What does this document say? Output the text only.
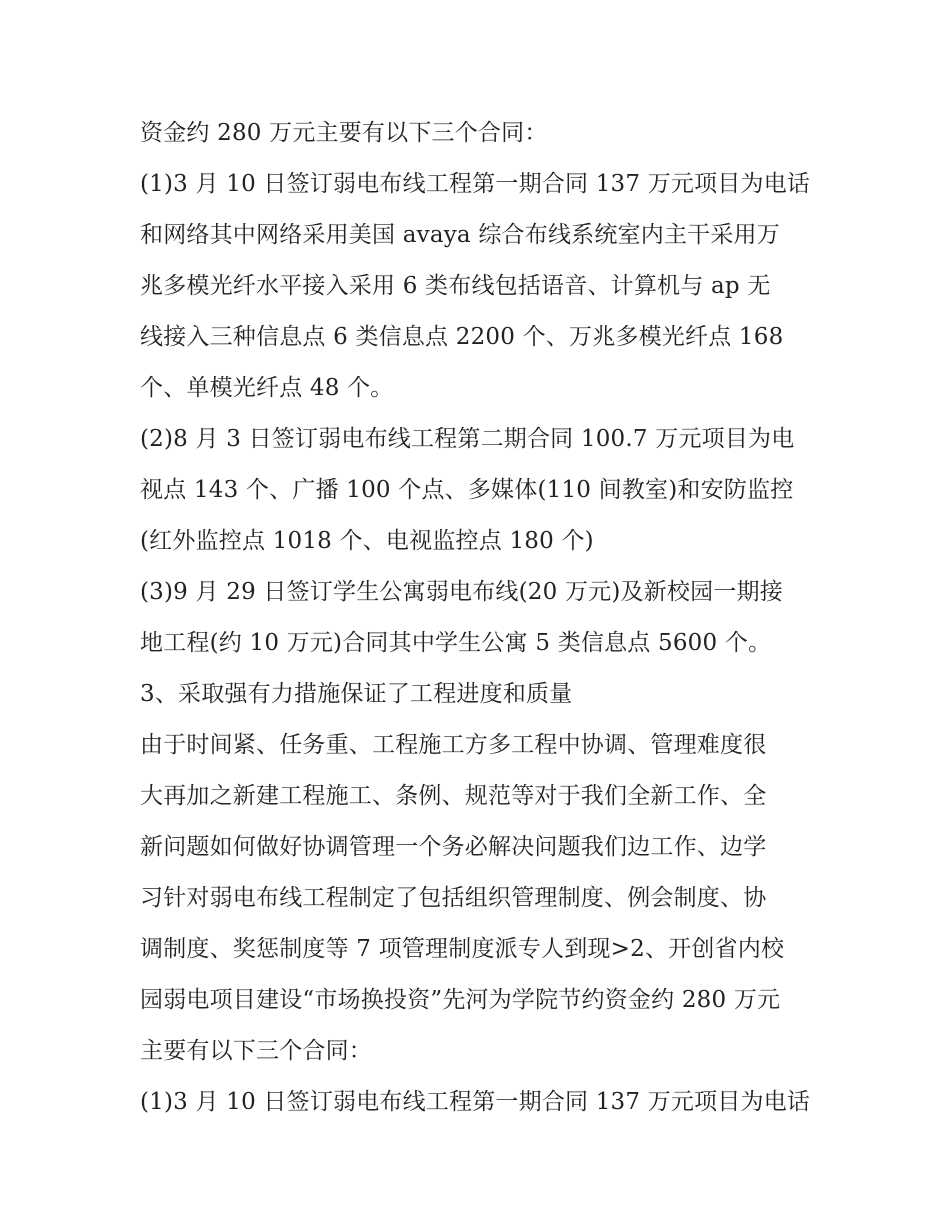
资金约 280 万元主要有以下三个合同：
(1)3 月 10 日签订弱电布线工程第一期合同 137 万元项目为电话
和网络其中网络采用美国 avaya 综合布线系统室内主干采用万
兆多模光纤水平接入采用 6 类布线包括语音、计算机与 ap 无
线接入三种信息点 6 类信息点 2200 个、万兆多模光纤点 168
个、单模光纤点 48 个。
(2)8 月 3 日签订弱电布线工程第二期合同 100.7 万元项目为电
视点 143 个、广播 100 个点、多媒体(110 间教室)和安防监控
(红外监控点 1018 个、电视监控点 180 个)
(3)9 月 29 日签订学生公寓弱电布线(20 万元)及新校园一期接
地工程(约 10 万元)合同其中学生公寓 5 类信息点 5600 个。
3、采取强有力措施保证了工程进度和质量
由于时间紧、任务重、工程施工方多工程中协调、管理难度很
大再加之新建工程施工、条例、规范等对于我们全新工作、全
新问题如何做好协调管理一个务必解决问题我们边工作、边学
习针对弱电布线工程制定了包括组织管理制度、例会制度、协
调制度、奖惩制度等 7 项管理制度派专人到现>2、开创省内校
园弱电项目建设“市场换投资”先河为学院节约资金约 280 万元
主要有以下三个合同：
(1)3 月 10 日签订弱电布线工程第一期合同 137 万元项目为电话
